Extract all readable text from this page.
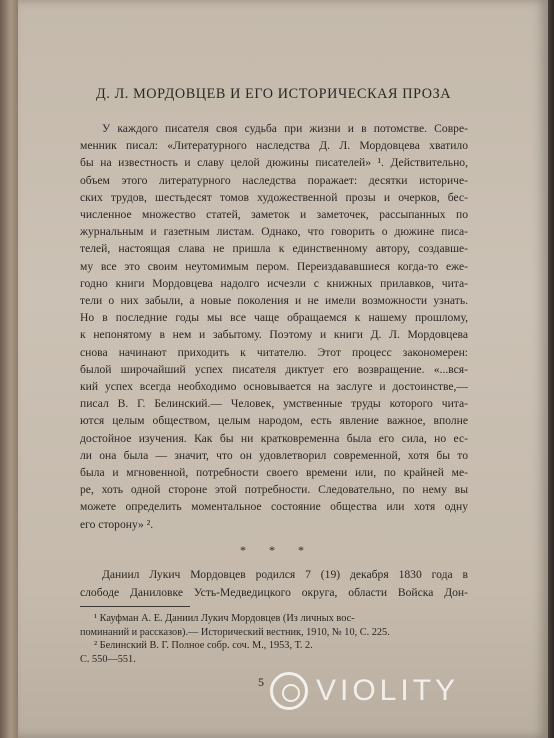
Д. Л. МОРДОВЦЕВ И ЕГО ИСТОРИЧЕСКАЯ ПРОЗА
У каждого писателя своя судьба при жизни и в потомстве. Совре-
менник писал: «Литературного наследства Д. Л. Мордовцева хватило
бы на известность и славу целой дюжины писателей» ¹. Действительно,
объем этого литературного наследства поражает: десятки историче-
ских трудов, шестьдесят томов художественной прозы и очерков, бес-
численное множество статей, заметок и заметочек, рассыпанных по
журнальным и газетным листам. Однако, что говорить о дюжине писа-
телей, настоящая слава не пришла к единственному автору, создавше-
му все это своим неутомимым пером. Переиздававшиеся когда-то еже-
годно книги Мордовцева надолго исчезли с книжных прилавков, чита-
тели о них забыли, а новые поколения и не имели возможности узнать.
Но в последние годы мы все чаще обращаемся к нашему прошлому,
к непонятому в нем и забытому. Поэтому и книги Д. Л. Мордовцева
снова начинают приходить к читателю. Этот процесс закономерен:
былой широчайший успех писателя диктует его возвращение. «...вся-
кий успех всегда необходимо основывается на заслуге и достоинстве,—
писал В. Г. Белинский.— Человек, умственные труды которого чита-
ются целым обществом, целым народом, есть явление важное, вполне
достойное изучения. Как бы ни кратковременна была его сила, но ес-
ли она была — значит, что он удовлетворил современной, хотя бы то
была и мгновенной, потребности своего времени или, по крайней ме-
ре, хоть одной стороне этой потребности. Следовательно, по нему вы
можете определить моментальное состояние общества или хотя одну
его сторону» ².
* * *
Даниил Лукич Мордовцев родился 7 (19) декабря 1830 года в
слободе Даниловке Усть-Медведицкого округа, области Войска Дон-
¹ Кауфман А. Е. Даниил Лукич Мордовцев (Из личных вос-
поминаний и рассказов).— Исторический вестник, 1910, № 10, С. 225.
² Белинский В. Г. Полное собр. соч. М., 1953, Т. 2.
С. 550—551.
5 VIOLITY
